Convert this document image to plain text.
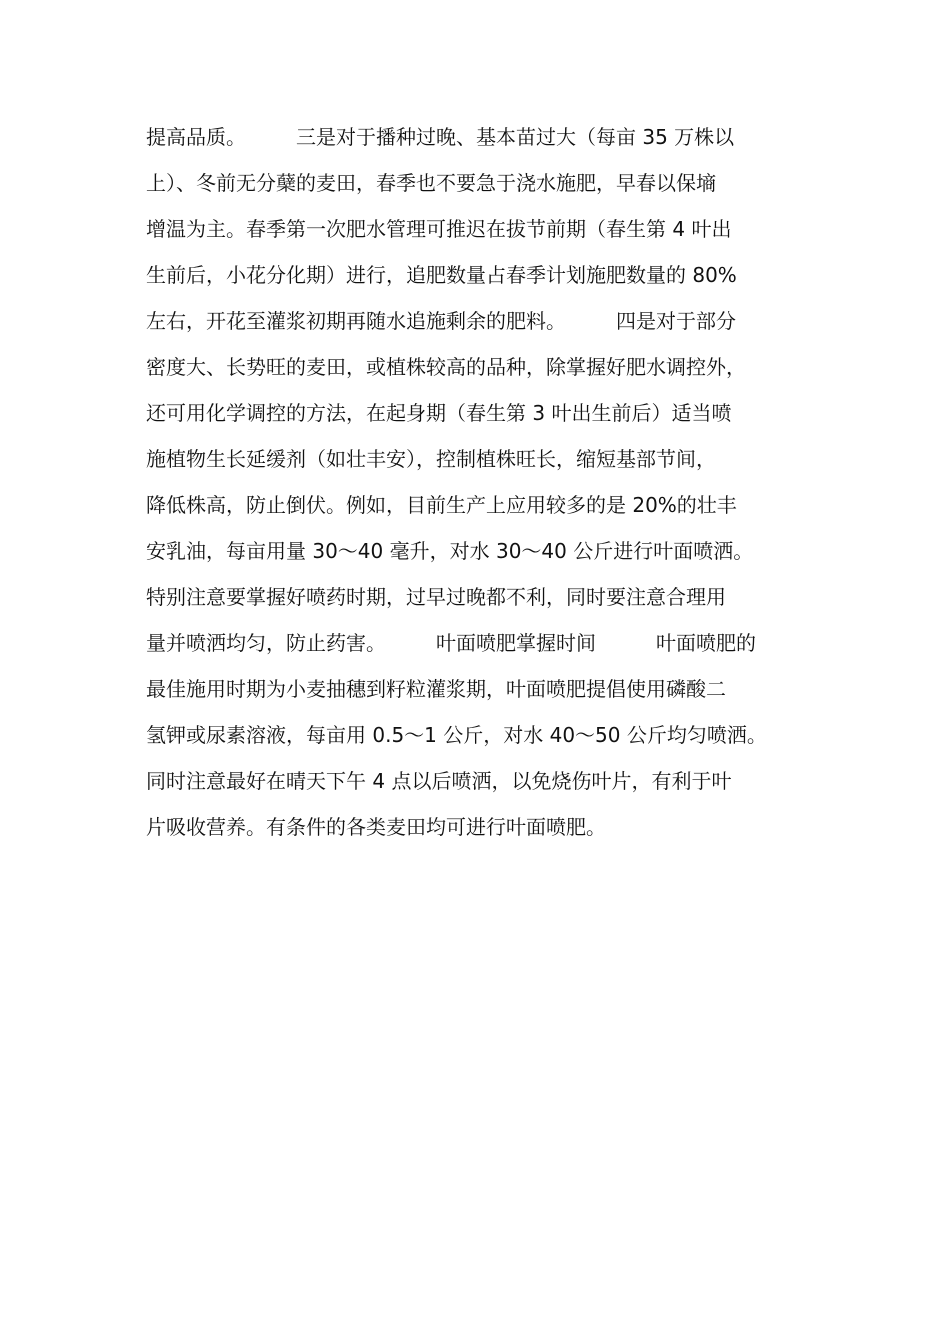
提高品质。　　　三是对于播种过晚、基本苗过大（每亩 35 万株以
上）、冬前无分蘖的麦田，春季也不要急于浇水施肥，早春以保墒
增温为主。春季第一次肥水管理可推迟在拔节前期（春生第 4 叶出
生前后，小花分化期）进行，追肥数量占春季计划施肥数量的 80%
左右，开花至灌浆初期再随水追施剩余的肥料。　　　四是对于部分
密度大、长势旺的麦田，或植株较高的品种，除掌握好肥水调控外，
还可用化学调控的方法，在起身期（春生第 3 叶出生前后）适当喷
施植物生长延缓剂（如壮丰安），控制植株旺长，缩短基部节间，
降低株高，防止倒伏。例如，目前生产上应用较多的是 20%的壮丰
安乳油，每亩用量 30～40 毫升，对水 30～40 公斤进行叶面喷洒。
特别注意要掌握好喷药时期，过早过晚都不利，同时要注意合理用
量并喷洒均匀，防止药害。　　　叶面喷肥掌握时间　　　叶面喷肥的
最佳施用时期为小麦抽穗到籽粒灌浆期，叶面喷肥提倡使用磷酸二
氢钾或尿素溶液，每亩用 0.5～1 公斤，对水 40～50 公斤均匀喷洒。
同时注意最好在晴天下午 4 点以后喷洒，以免烧伤叶片，有利于叶
片吸收营养。有条件的各类麦田均可进行叶面喷肥。
